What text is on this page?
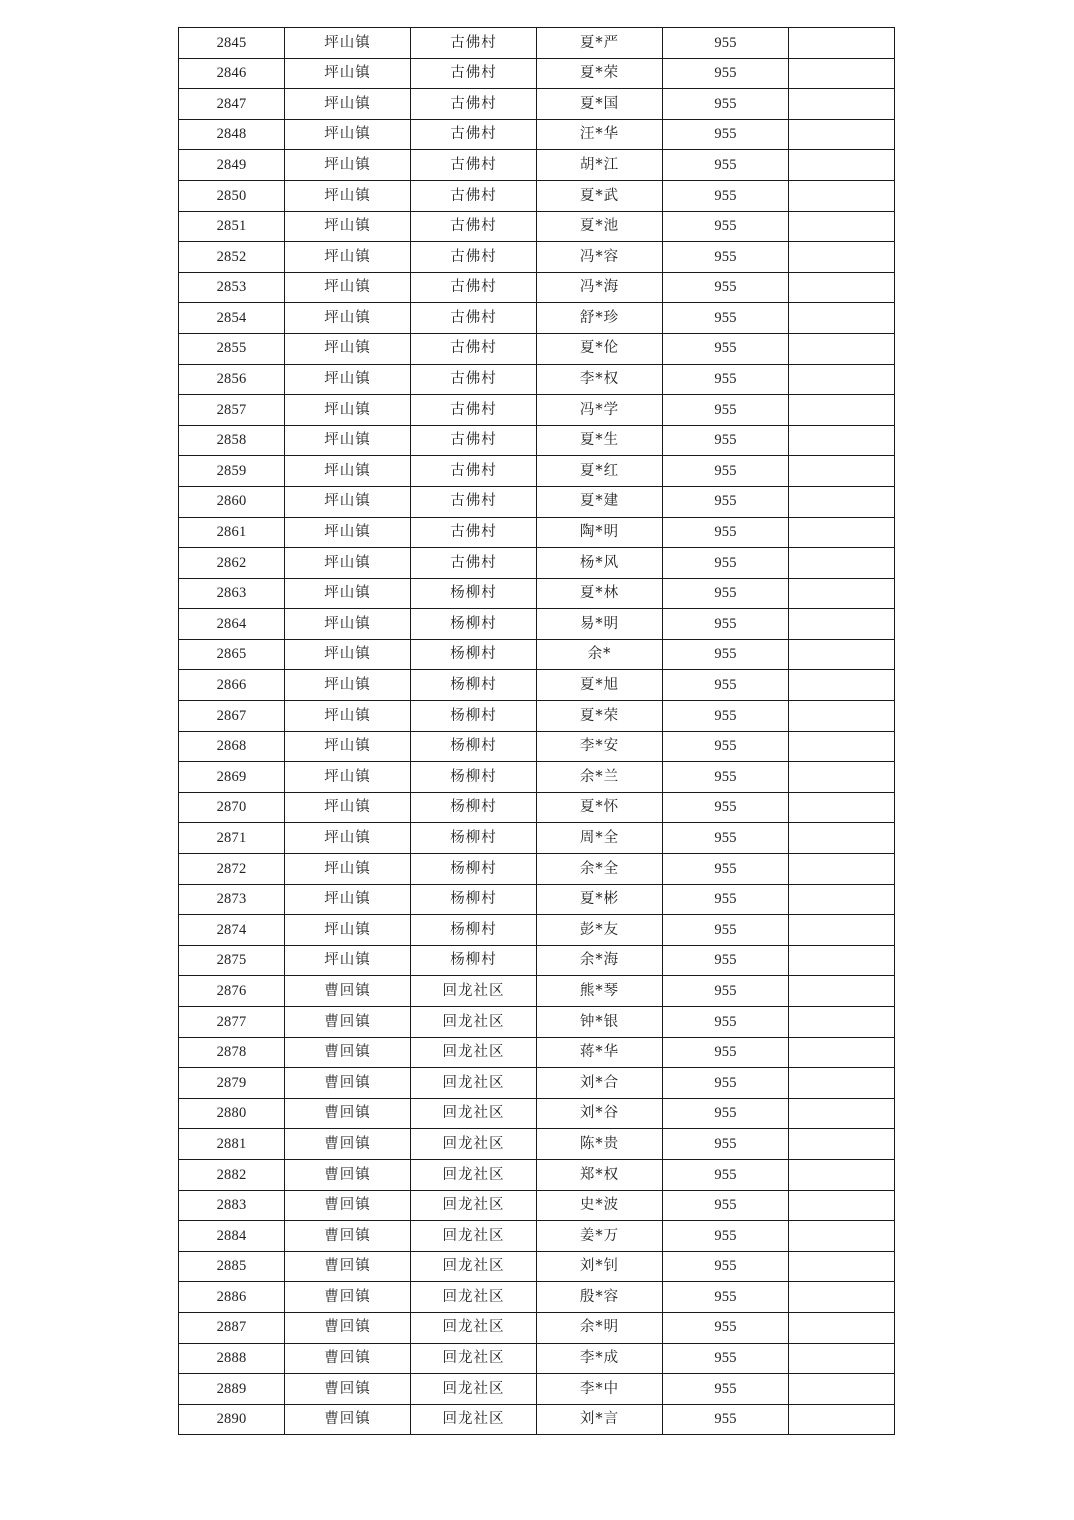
2845	坪山镇	古佛村	夏*严	955	
2846	坪山镇	古佛村	夏*荣	955	
2847	坪山镇	古佛村	夏*国	955	
2848	坪山镇	古佛村	汪*华	955	
2849	坪山镇	古佛村	胡*江	955	
2850	坪山镇	古佛村	夏*武	955	
2851	坪山镇	古佛村	夏*池	955	
2852	坪山镇	古佛村	冯*容	955	
2853	坪山镇	古佛村	冯*海	955	
2854	坪山镇	古佛村	舒*珍	955	
2855	坪山镇	古佛村	夏*伦	955	
2856	坪山镇	古佛村	李*权	955	
2857	坪山镇	古佛村	冯*学	955	
2858	坪山镇	古佛村	夏*生	955	
2859	坪山镇	古佛村	夏*红	955	
2860	坪山镇	古佛村	夏*建	955	
2861	坪山镇	古佛村	陶*明	955	
2862	坪山镇	古佛村	杨*风	955	
2863	坪山镇	杨柳村	夏*林	955	
2864	坪山镇	杨柳村	易*明	955	
2865	坪山镇	杨柳村	余*	955	
2866	坪山镇	杨柳村	夏*旭	955	
2867	坪山镇	杨柳村	夏*荣	955	
2868	坪山镇	杨柳村	李*安	955	
2869	坪山镇	杨柳村	余*兰	955	
2870	坪山镇	杨柳村	夏*怀	955	
2871	坪山镇	杨柳村	周*全	955	
2872	坪山镇	杨柳村	余*全	955	
2873	坪山镇	杨柳村	夏*彬	955	
2874	坪山镇	杨柳村	彭*友	955	
2875	坪山镇	杨柳村	余*海	955	
2876	曹回镇	回龙社区	熊*琴	955	
2877	曹回镇	回龙社区	钟*银	955	
2878	曹回镇	回龙社区	蒋*华	955	
2879	曹回镇	回龙社区	刘*合	955	
2880	曹回镇	回龙社区	刘*谷	955	
2881	曹回镇	回龙社区	陈*贵	955	
2882	曹回镇	回龙社区	郑*权	955	
2883	曹回镇	回龙社区	史*波	955	
2884	曹回镇	回龙社区	姜*万	955	
2885	曹回镇	回龙社区	刘*钊	955	
2886	曹回镇	回龙社区	殷*容	955	
2887	曹回镇	回龙社区	余*明	955	
2888	曹回镇	回龙社区	李*成	955	
2889	曹回镇	回龙社区	李*中	955	
2890	曹回镇	回龙社区	刘*言	955	
